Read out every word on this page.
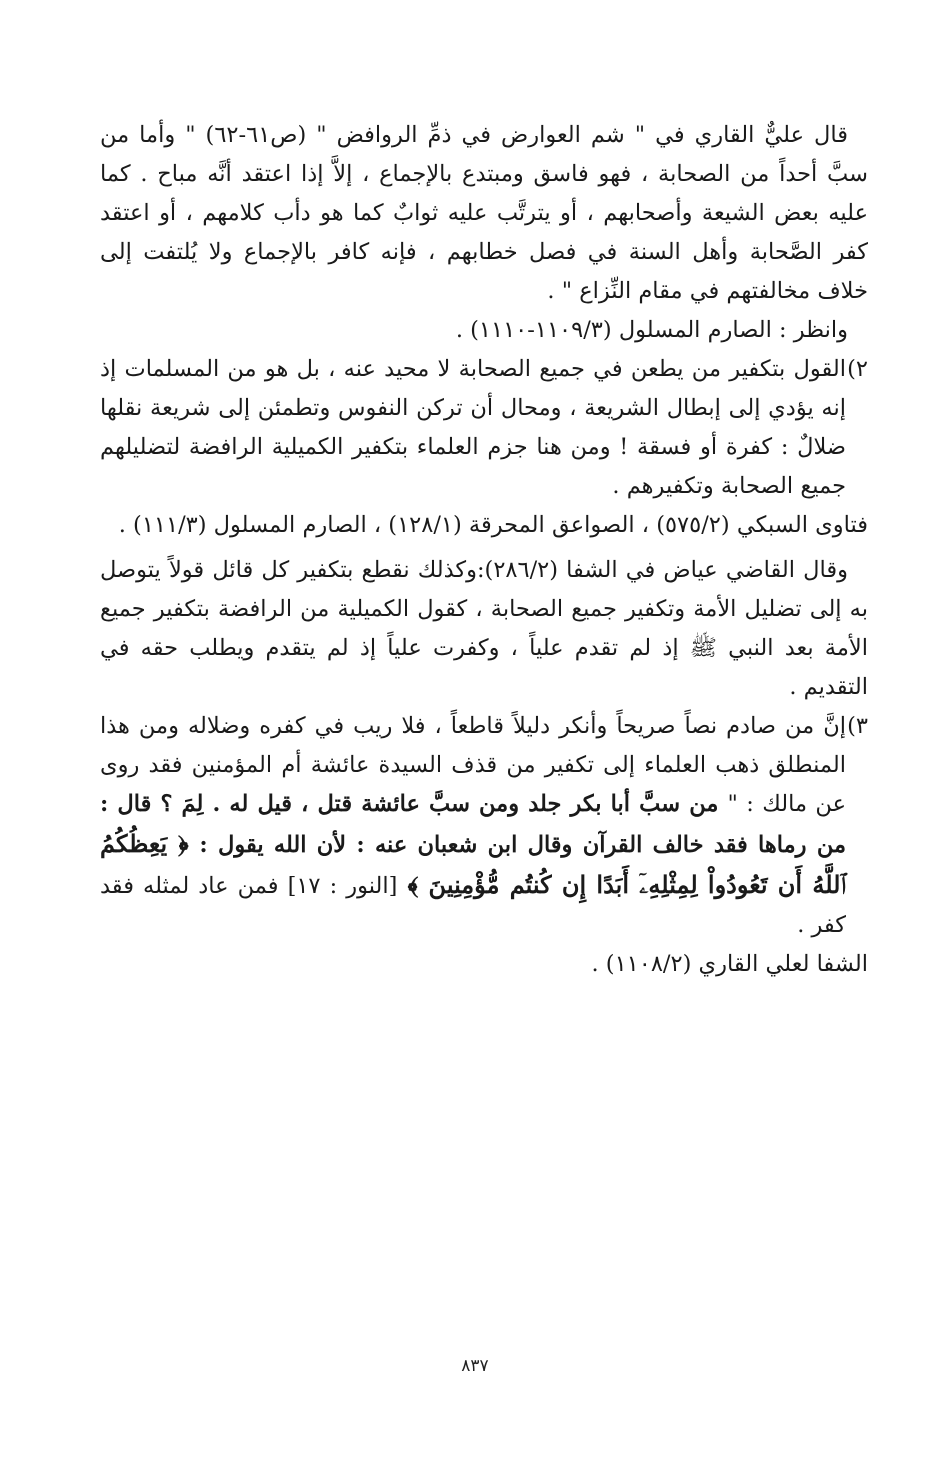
قال عليٌّ القاري في " شم العوارض في ذمِّ الروافض " (ص٦١-٦٢) " وأما من سبَّ أحداً من الصحابة ، فهو فاسق ومبتدع بالإجماع ، إلاَّ إذا اعتقد أنَّه مباح . كما عليه بعض الشيعة وأصحابهم ، أو يترتَّب عليه ثوابٌ كما هو دأب كلامهم ، أو اعتقد كفر الصَّحابة وأهل السنة في فصل خطابهم ، فإنه كافر بالإجماع ولا يُلتفت إلى خلاف مخالفتهم في مقام النِّزاع " .

وانظر : الصارم المسلول (١١٠٩/٣-١١١٠) .

٢)القول بتكفير من يطعن في جميع الصحابة لا محيد عنه ، بل هو من المسلمات إذ إنه يؤدي إلى إبطال الشريعة ، ومحال أن تركن النفوس وتطمئن إلى شريعة نقلها ضلالٌ : كفرة أو فسقة ! ومن هنا جزم العلماء بتكفير الكميلية الرافضة لتضليلهم جميع الصحابة وتكفيرهم .

فتاوى السبكي (٥٧٥/٢) ، الصواعق المحرقة (١٢٨/١) ، الصارم المسلول (١١١/٣) .

وقال القاضي عياض في الشفا (٢٨٦/٢):وكذلك نقطع بتكفير كل قائل قولاً يتوصل به إلى تضليل الأمة وتكفير جميع الصحابة ، كقول الكميلية من الرافضة بتكفير جميع الأمة بعد النبي ﷺ إذ لم تقدم علياً ، وكفرت علياً إذ لم يتقدم ويطلب حقه في التقديم .

٣)إنَّ من صادم نصاً صريحاً وأنكر دليلاً قاطعاً ، فلا ريب في كفره وضلاله ومن هذا المنطلق ذهب العلماء إلى تكفير من قذف السيدة عائشة أم المؤمنين فقد روى عن مالك : " من سبَّ أبا بكر جلد ومن سبَّ عائشة قتل ، قيل له . لِمَ ؟ قال : من رماها فقد خالف القرآن وقال ابن شعبان عنه : لأن الله يقول : ﴿ يَعِظُكُمُ ٱللَّهُ أَن تَعُودُواْ لِمِثْلِهِۦٓ أَبَدًا إِن كُنتُم مُّؤْمِنِينَ ﴾ [النور : ١٧] فمن عاد لمثله فقد كفر .

الشفا لعلي القاري (١١٠٨/٢) .

٨٣٧
